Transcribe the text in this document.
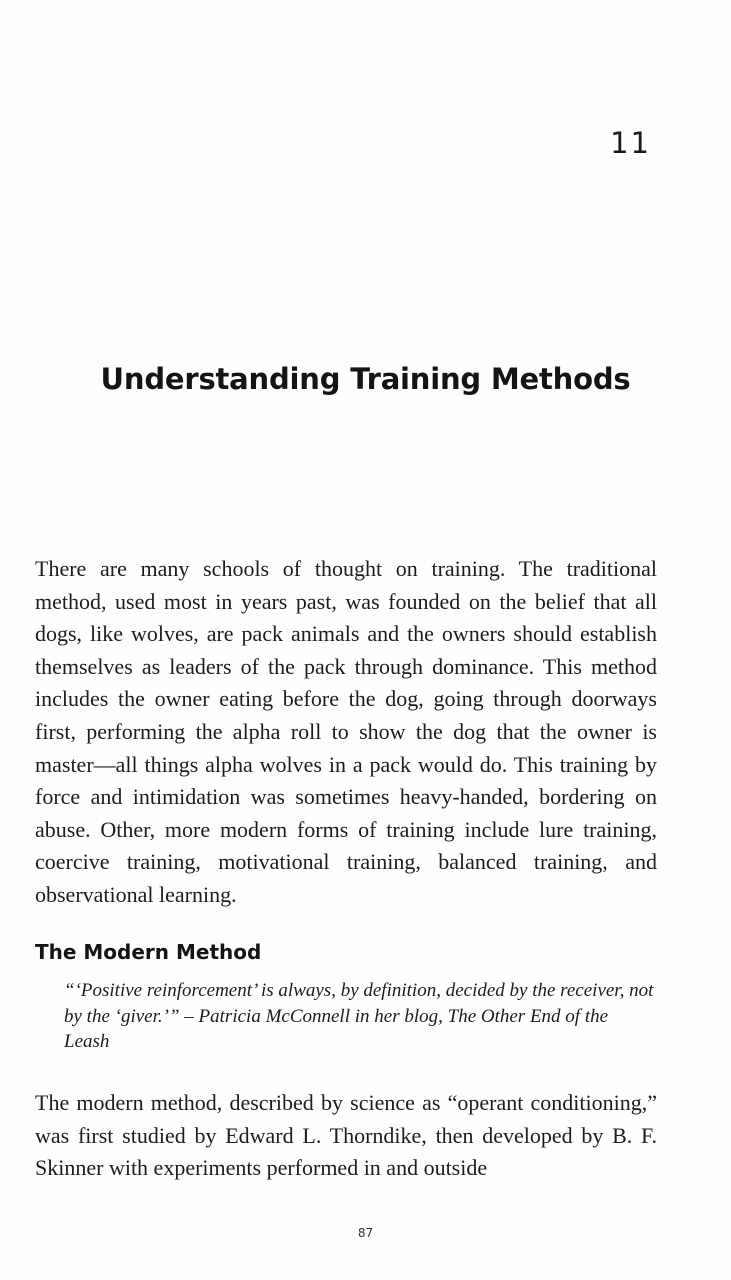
11
Understanding Training Methods

There are many schools of thought on training. The traditional method, used most in years past, was founded on the belief that all dogs, like wolves, are pack animals and the owners should establish themselves as leaders of the pack through dominance. This method includes the owner eating before the dog, going through doorways first, performing the alpha roll to show the dog that the owner is master—all things alpha wolves in a pack would do. This training by force and intimidation was sometimes heavy-handed, bordering on abuse. Other, more modern forms of training include lure training, coercive training, motivational training, balanced training, and observational learning.

The Modern Method

“‘Positive reinforcement’ is always, by definition, decided by the receiver, not by the ‘giver.’” – Patricia McConnell in her blog, The Other End of the Leash

The modern method, described by science as “operant conditioning,” was first studied by Edward L. Thorndike, then developed by B. F. Skinner with experiments performed in and outside

87
